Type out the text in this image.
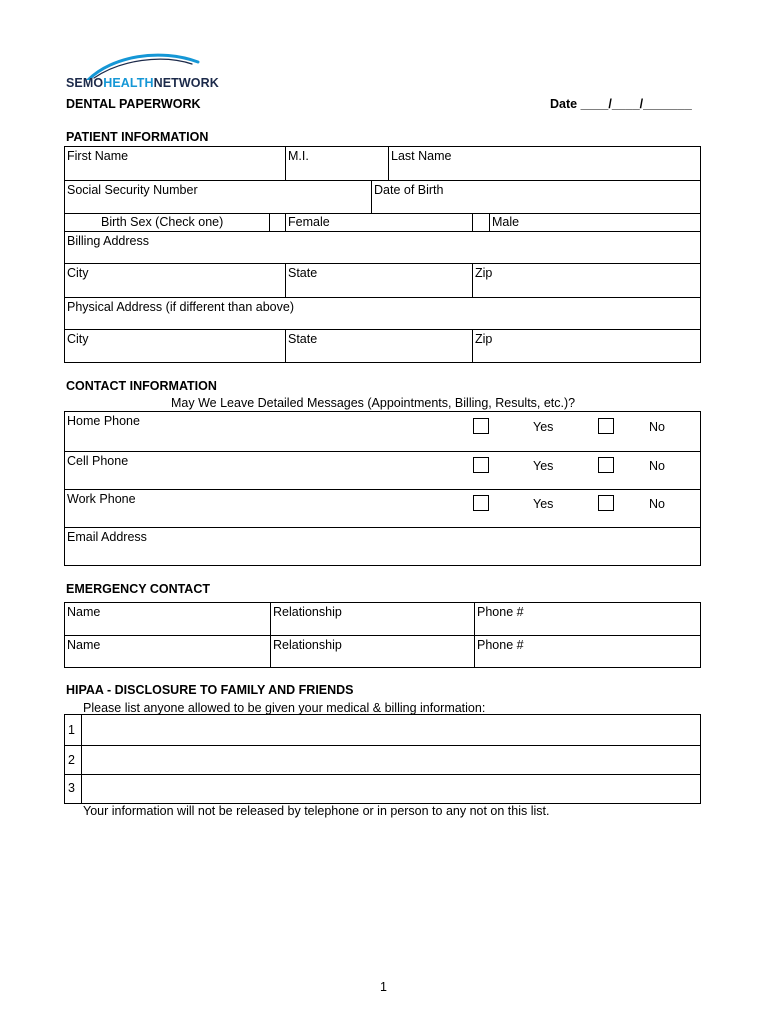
SEMOHEALTHNETWORK
DENTAL PAPERWORK	Date ____/____/_______
PATIENT INFORMATION
First Name	M.I.	Last Name
Social Security Number	Date of Birth
Birth Sex (Check one)	Female	Male
Billing Address
City	State	Zip
Physical Address (if different than above)
City	State	Zip
CONTACT INFORMATION
May We Leave Detailed Messages (Appointments, Billing, Results, etc.)?
Home Phone	Yes	No
Cell Phone	Yes	No
Work Phone	Yes	No
Email Address
EMERGENCY CONTACT
Name	Relationship	Phone #
Name	Relationship	Phone #
HIPAA - DISCLOSURE TO FAMILY AND FRIENDS
Please list anyone allowed to be given your medical & billing information:
1
2
3
Your information will not be released by telephone or in person to any not on this list.
1
